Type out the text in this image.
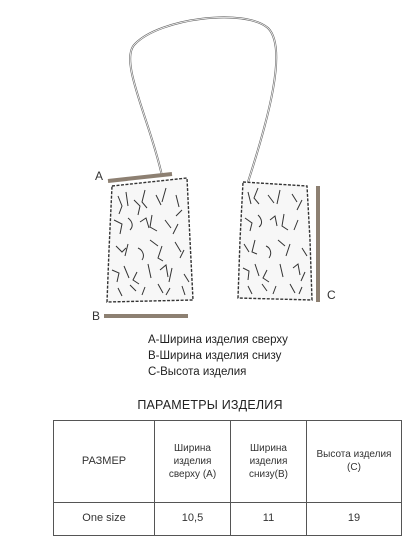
A
B
C
A-Ширина изделия сверху
B-Ширина изделия снизу
C-Высота изделия
ПАРАМЕТРЫ ИЗДЕЛИЯ
РАЗМЕР	Ширина изделия сверху (A)	Ширина изделия снизу(B)	Высота изделия (C)
One size	10,5	11	19
